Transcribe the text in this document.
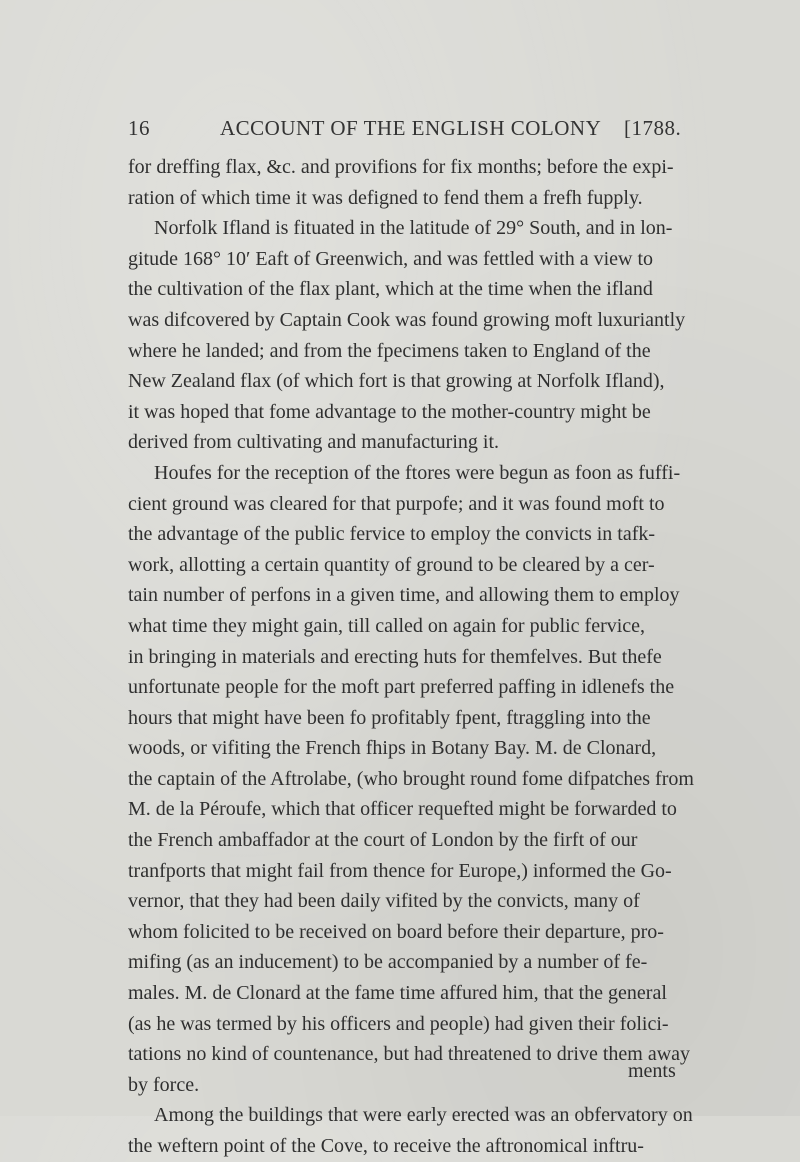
16	ACCOUNT OF THE ENGLISH COLONY [1788.
for dreffing flax, &c. and provifions for fix months; before the expi-
ration of which time it was defigned to fend them a frefh fupply.
Norfolk Ifland is fituated in the latitude of 29° South, and in lon-
gitude 168° 10′ Eaft of Greenwich, and was fettled with a view to
the cultivation of the flax plant, which at the time when the ifland
was difcovered by Captain Cook was found growing moft luxuriantly
where he landed; and from the fpecimens taken to England of the
New Zealand flax (of which fort is that growing at Norfolk Ifland),
it was hoped that fome advantage to the mother-country might be
derived from cultivating and manufacturing it.
Houfes for the reception of the ftores were begun as foon as fuffi-
cient ground was cleared for that purpofe; and it was found moft to
the advantage of the public fervice to employ the convicts in tafk-
work, allotting a certain quantity of ground to be cleared by a cer-
tain number of perfons in a given time, and allowing them to employ
what time they might gain, till called on again for public fervice,
in bringing in materials and erecting huts for themfelves. But thefe
unfortunate people for the moft part preferred paffing in idlenefs the
hours that might have been fo profitably fpent, ftraggling into the
woods, or vifiting the French fhips in Botany Bay. M. de Clonard,
the captain of the Aftrolabe, (who brought round fome difpatches from
M. de la Péroufe, which that officer requefted might be forwarded to
the French ambaffador at the court of London by the firft of our
tranfports that might fail from thence for Europe,) informed the Go-
vernor, that they had been daily vifited by the convicts, many of
whom folicited to be received on board before their departure, pro-
mifing (as an inducement) to be accompanied by a number of fe-
males. M. de Clonard at the fame time affured him, that the general
(as he was termed by his officers and people) had given their folici-
tations no kind of countenance, but had threatened to drive them away
by force.
Among the buildings that were early erected was an obfervatory on
the weftern point of the Cove, to receive the aftronomical inftru-
ments
